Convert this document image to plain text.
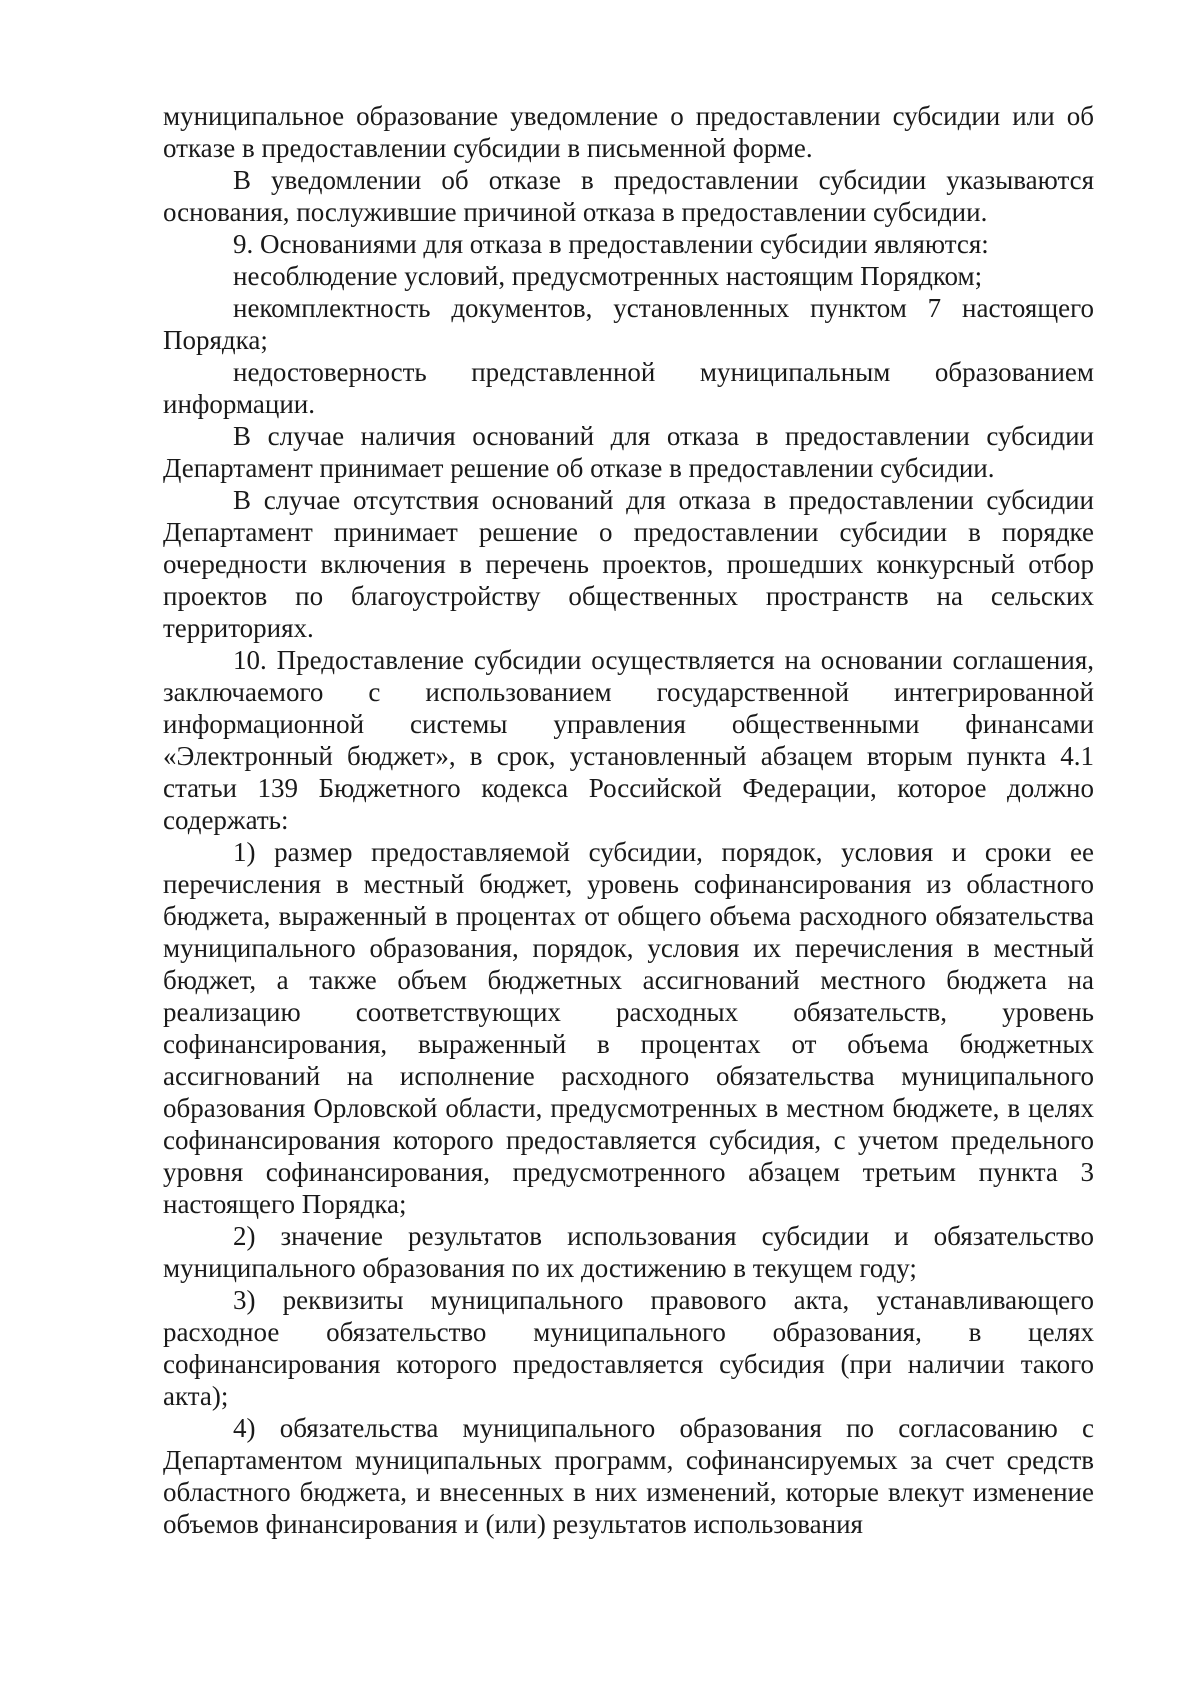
муниципальное образование уведомление о предоставлении субсидии или об отказе в предоставлении субсидии в письменной форме.

В уведомлении об отказе в предоставлении субсидии указываются основания, послужившие причиной отказа в предоставлении субсидии.

9. Основаниями для отказа в предоставлении субсидии являются:

несоблюдение условий, предусмотренных настоящим Порядком;

некомплектность документов, установленных пунктом 7 настоящего Порядка;

недостоверность представленной муниципальным образованием информации.

В случае наличия оснований для отказа в предоставлении субсидии Департамент принимает решение об отказе в предоставлении субсидии.

В случае отсутствия оснований для отказа в предоставлении субсидии Департамент принимает решение о предоставлении субсидии в порядке очередности включения в перечень проектов, прошедших конкурсный отбор проектов по благоустройству общественных пространств на сельских территориях.

10. Предоставление субсидии осуществляется на основании соглашения, заключаемого с использованием государственной интегрированной информационной системы управления общественными финансами «Электронный бюджет», в срок, установленный абзацем вторым пункта 4.1 статьи 139 Бюджетного кодекса Российской Федерации, которое должно содержать:

1) размер предоставляемой субсидии, порядок, условия и сроки ее перечисления в местный бюджет, уровень софинансирования из областного бюджета, выраженный в процентах от общего объема расходного обязательства муниципального образования, порядок, условия их перечисления в местный бюджет, а также объем бюджетных ассигнований местного бюджета на реализацию соответствующих расходных обязательств, уровень софинансирования, выраженный в процентах от объема бюджетных ассигнований на исполнение расходного обязательства муниципального образования Орловской области, предусмотренных в местном бюджете, в целях софинансирования которого предоставляется субсидия, с учетом предельного уровня софинансирования, предусмотренного абзацем третьим пункта 3 настоящего Порядка;

2) значение результатов использования субсидии и обязательство муниципального образования по их достижению в текущем году;

3) реквизиты муниципального правового акта, устанавливающего расходное обязательство муниципального образования, в целях софинансирования которого предоставляется субсидия (при наличии такого акта);

4) обязательства муниципального образования по согласованию с Департаментом муниципальных программ, софинансируемых за счет средств областного бюджета, и внесенных в них изменений, которые влекут изменение объемов финансирования и (или) результатов использования
